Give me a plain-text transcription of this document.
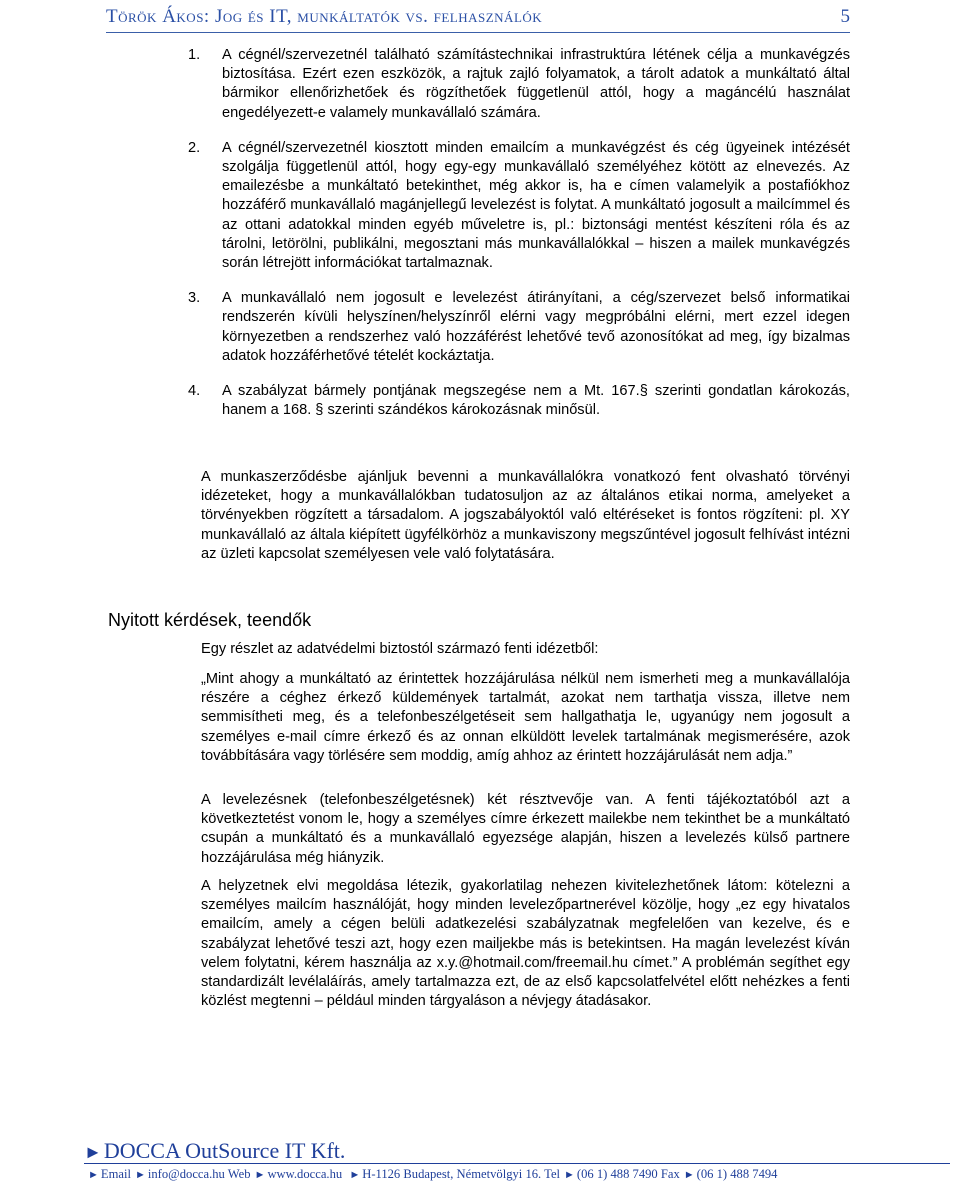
Török Ákos: Jog és IT, munkáltatók vs. felhasználók	5
1. A cégnél/szervezetnél található számítástechnikai infrastruktúra létének célja a munkavégzés biztosítása. Ezért ezen eszközök, a rajtuk zajló folyamatok, a tárolt adatok a munkáltató által bármikor ellenőrizhetőek és rögzíthetőek függetlenül attól, hogy a magáncélú használat engedélyezett-e valamely munkavállaló számára.
2. A cégnél/szervezetnél kiosztott minden emailcím a munkavégzést és cég ügyeinek intézését szolgálja függetlenül attól, hogy egy-egy munkavállaló személyéhez kötött az elnevezés. Az emailezésbe a munkáltató betekinthet, még akkor is, ha e címen valamelyik a postafiókhoz hozzáférő munkavállaló magánjellegű levelezést is folytat. A munkáltató jogosult a mailcímmel és az ottani adatokkal minden egyéb műveletre is, pl.: biztonsági mentést készíteni róla és az tárolni, letörölni, publikálni, megosztani más munkavállalókkal – hiszen a mailek munkavégzés során létrejött információkat tartalmaznak.
3. A munkavállaló nem jogosult e levelezést átirányítani, a cég/szervezet belső informatikai rendszerén kívüli helyszínen/helyszínről elérni vagy megpróbálni elérni, mert ezzel idegen környezetben a rendszerhez való hozzáférést lehetővé tevő azonosítókat ad meg, így bizalmas adatok hozzáférhetővé tételét kockáztatja.
4. A szabályzat bármely pontjának megszegése nem a Mt. 167.§ szerinti gondatlan károkozás, hanem a 168. § szerinti szándékos károkozásnak minősül.

A munkaszerződésbe ajánljuk bevenni a munkavállalókra vonatkozó fent olvasható törvényi idézeteket, hogy a munkavállalókban tudatosuljon az az általános etikai norma, amelyeket a törvényekben rögzített a társadalom. A jogszabályoktól való eltéréseket is fontos rögzíteni: pl. XY munkavállaló az általa kiépített ügyfélkörhöz a munkaviszony megszűntével jogosult felhívást intézni az üzleti kapcsolat személyesen vele való folytatására.

Nyitott kérdések, teendők

Egy részlet az adatvédelmi biztostól származó fenti idézetből:

„Mint ahogy a munkáltató az érintettek hozzájárulása nélkül nem ismerheti meg a munkavállalója részére a céghez érkező küldemények tartalmát, azokat nem tarthatja vissza, illetve nem semmisítheti meg, és a telefonbeszélgetéseit sem hallgathatja le, ugyanúgy nem jogosult a személyes e-mail címre érkező és az onnan elküldött levelek tartalmának megismerésére, azok továbbítására vagy törlésére sem moddig, amíg ahhoz az érintett hozzájárulását nem adja.”

A levelezésnek (telefonbeszélgetésnek) két résztvevője van. A fenti tájékoztatóból azt a következtetést vonom le, hogy a személyes címre érkezett mailekbe nem tekinthet be a munkáltató csupán a munkáltató és a munkavállaló egyezsége alapján, hiszen a levelezés külső partnere hozzájárulása még hiányzik.

A helyzetnek elvi megoldása létezik, gyakorlatilag nehezen kivitelezhetőnek látom: kötelezni a személyes mailcím használóját, hogy minden levelezőpartnerével közölje, hogy „ez egy hivatalos emailcím, amely a cégen belüli adatkezelési szabályzatnak megfelelően van kezelve, és e szabályzat lehetővé teszi azt, hogy ezen mailjekbe más is betekintsen. Ha magán levelezést kíván velem folytatni, kérem használja az x.y.@hotmail.com/freemail.hu címet.” A problémán segíthet egy standardizált levélaláírás, amely tartalmazza ezt, de az első kapcsolatfelvétel előtt nehézkes a fenti közlést megtenni – például minden tárgyaláson a névjegy átadásakor.

►DOCCA OutSource IT Kft.
► Email ► info@docca.hu Web ► www.docca.hu ► H-1126 Budapest, Németvölgyi 16. Tel ► (06 1) 488 7490 Fax ► (06 1) 488 7494
